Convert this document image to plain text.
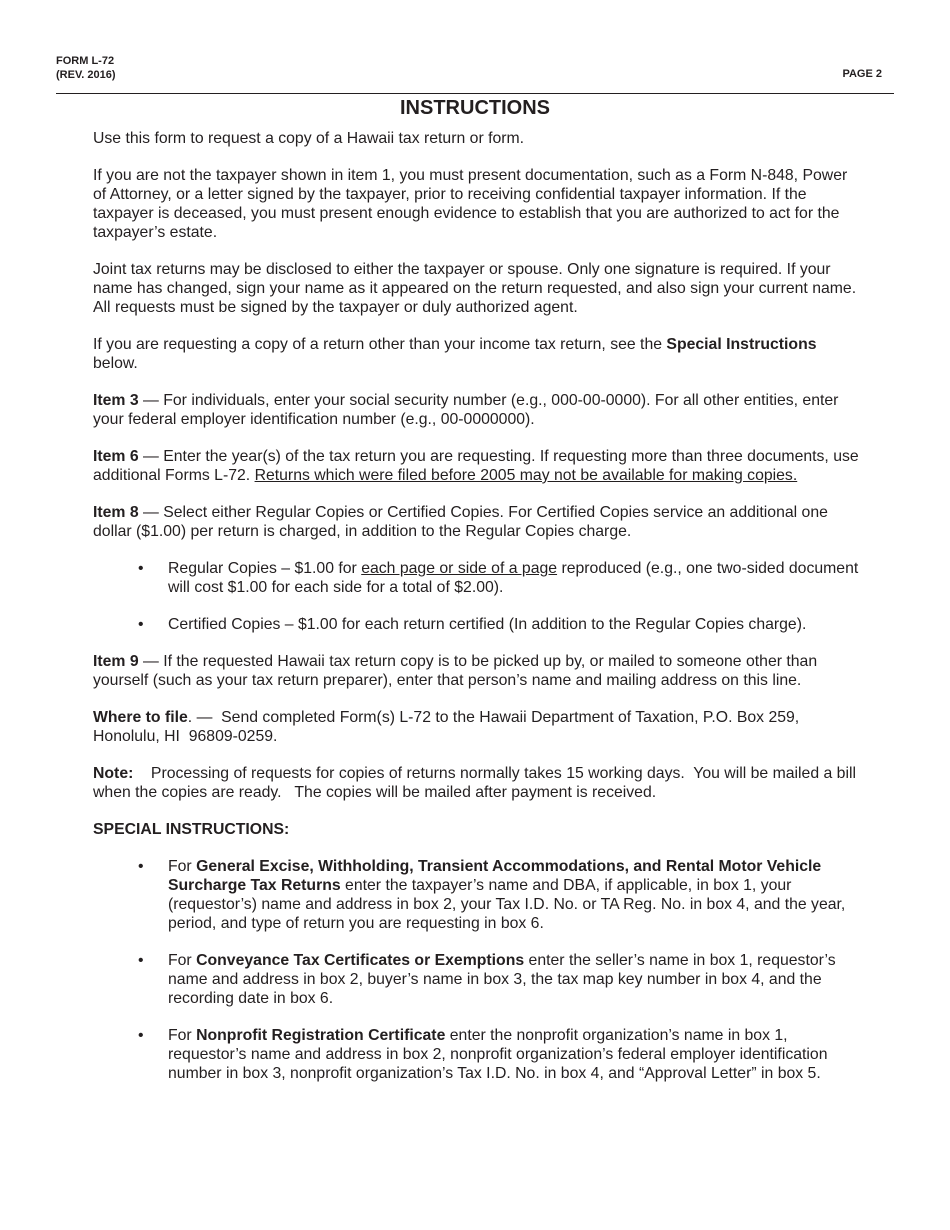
FORM L-72
(REV. 2016)	PAGE 2
INSTRUCTIONS

Use this form to request a copy of a Hawaii tax return or form.

If you are not the taxpayer shown in item 1, you must present documentation, such as a Form N-848, Power of Attorney, or a letter signed by the taxpayer, prior to receiving confidential taxpayer information. If the taxpayer is deceased, you must present enough evidence to establish that you are authorized to act for the taxpayer’s estate.

Joint tax returns may be disclosed to either the taxpayer or spouse. Only one signature is required. If your name has changed, sign your name as it appeared on the return requested, and also sign your current name. All requests must be signed by the taxpayer or duly authorized agent.

If you are requesting a copy of a return other than your income tax return, see the Special Instructions below.

Item 3 — For individuals, enter your social security number (e.g., 000-00-0000). For all other entities, enter your federal employer identification number (e.g., 00-0000000).

Item 6 — Enter the year(s) of the tax return you are requesting. If requesting more than three documents, use additional Forms L-72. Returns which were filed before 2005 may not be available for making copies.

Item 8 — Select either Regular Copies or Certified Copies. For Certified Copies service an additional one dollar ($1.00) per return is charged, in addition to the Regular Copies charge.

• Regular Copies – $1.00 for each page or side of a page reproduced (e.g., one two-sided document will cost $1.00 for each side for a total of $2.00).
• Certified Copies – $1.00 for each return certified (In addition to the Regular Copies charge).

Item 9 — If the requested Hawaii tax return copy is to be picked up by, or mailed to someone other than yourself (such as your tax return preparer), enter that person’s name and mailing address on this line.

Where to file. —  Send completed Form(s) L-72 to the Hawaii Department of Taxation, P.O. Box 259, Honolulu, HI  96809-0259.

Note:    Processing of requests for copies of returns normally takes 15 working days.  You will be mailed a bill when the copies are ready.   The copies will be mailed after payment is received.

SPECIAL INSTRUCTIONS:

• For General Excise, Withholding, Transient Accommodations, and Rental Motor Vehicle Surcharge Tax Returns enter the taxpayer’s name and DBA, if applicable, in box 1, your (requestor’s) name and address in box 2, your Tax I.D. No. or TA Reg. No. in box 4, and the year, period, and type of return you are requesting in box 6.
• For Conveyance Tax Certificates or Exemptions enter the seller’s name in box 1, requestor’s name and address in box 2, buyer’s name in box 3, the tax map key number in box 4, and the recording date in box 6.
• For Nonprofit Registration Certificate enter the nonprofit organization’s name in box 1, requestor’s name and address in box 2, nonprofit organization’s federal employer identification number in box 3, nonprofit organization’s Tax I.D. No. in box 4, and “Approval Letter” in box 5.
